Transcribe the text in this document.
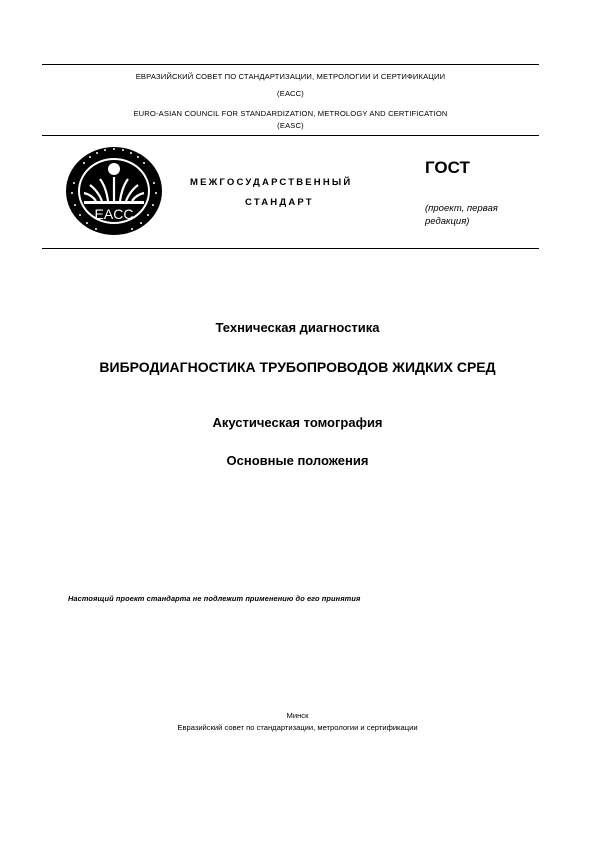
ЕВРАЗИЙСКИЙ СОВЕТ ПО СТАНДАРТИЗАЦИИ, МЕТРОЛОГИИ И СЕРТИФИКАЦИИ
(ЕАСС)
EURO-ASIAN COUNCIL FOR STANDARDIZATION, METROLOGY AND CERTIFICATION
(EASC)
EACC
МЕЖГОСУДАРСТВЕННЫЙ
СТАНДАРТ
ГОСТ
(проект, первая редакция)
Техническая диагностика
ВИБРОДИАГНОСТИКА ТРУБОПРОВОДОВ ЖИДКИХ СРЕД
Акустическая томография
Основные положения
Настоящий проект стандарта не подлежит применению до его принятия
Минск
Евразийский совет по стандартизации, метрологии и сертификации
